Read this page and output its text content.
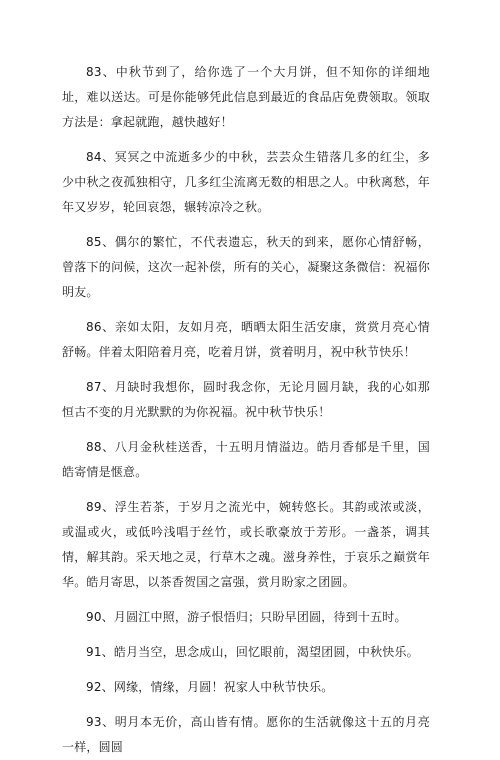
83、中秋节到了，给你选了一个大月饼，但不知你的详细地址，难以送达。可是你能够凭此信息到最近的食品店免费领取。领取方法是：拿起就跑，越快越好！

84、冥冥之中流逝多少的中秋，芸芸众生错落几多的红尘，多少中秋之夜孤独相守，几多红尘流离无数的相思之人。中秋离愁，年年又岁岁，轮回哀怨，辗转凉冷之秋。

85、偶尔的繁忙，不代表遗忘，秋天的到来，愿你心情舒畅，曾落下的问候，这次一起补偿，所有的关心，凝聚这条微信：祝福你明友。

86、亲如太阳，友如月亮，晒晒太阳生活安康，赏赏月亮心情舒畅。伴着太阳陪着月亮，吃着月饼，赏着明月，祝中秋节快乐！

87、月缺时我想你，圆时我念你，无论月圆月缺，我的心如那恒古不变的月光默默的为你祝福。祝中秋节快乐！

88、八月金秋桂送香，十五明月情溢边。皓月香郁是千里，国皓寄情是惬意。

89、浮生若茶，于岁月之流光中，婉转悠长。其韵或浓或淡，或温或火，或低吟浅唱于丝竹，或长歌豪放于芳形。一盏茶，调其情，解其韵。采天地之灵，行草木之魂。滋身养性，于哀乐之巅赏年华。皓月寄思，以茶香贺国之富强，赏月盼家之团圆。

90、月圆江中照，游子恨悟归；只盼早团圆，待到十五时。

91、皓月当空，思念成山，回忆眼前，渴望团圆，中秋快乐。

92、网缘，情缘，月圆！祝家人中秋节快乐。

93、明月本无价，高山皆有情。愿你的生活就像这十五的月亮一样，圆圆
